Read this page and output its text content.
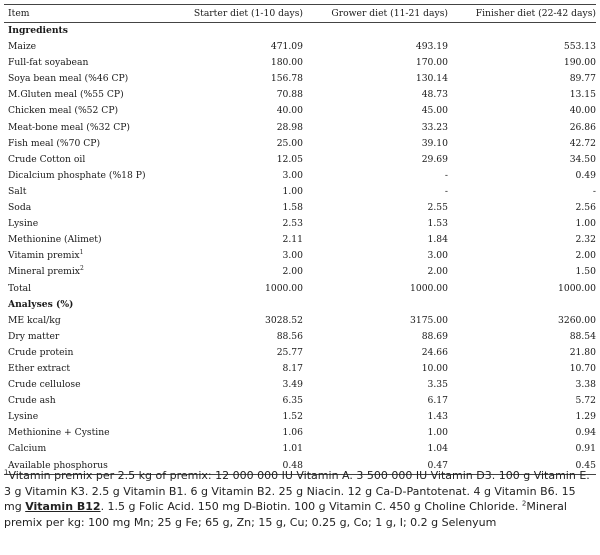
Item	Starter diet (1-10 days)	Grower diet (11-21 days)	Finisher diet (22-42 days)
Ingredients			
Maize	471.09	493.19	553.13
Full-fat soyabean	180.00	170.00	190.00
Soya bean meal (%46 CP)	156.78	130.14	89.77
M.Gluten meal (%55 CP)	70.88	48.73	13.15
Chicken meal (%52 CP)	40.00	45.00	40.00
Meat-bone meal (%32 CP)	28.98	33.23	26.86
Fish meal (%70 CP)	25.00	39.10	42.72
Crude Cotton oil	12.05	29.69	34.50
Dicalcium phosphate (%18 P)	3.00	-	0.49
Salt	1.00	-	-
Soda	1.58	2.55	2.56
Lysine	2.53	1.53	1.00
Methionine (Alimet)	2.11	1.84	2.32
Vitamin premix$^1$	3.00	3.00	2.00
Mineral premix$^2$	2.00	2.00	1.50
Total	1000.00	1000.00	1000.00
Analyses (%)			
ME kcal/kg	3028.52	3175.00	3260.00
Dry matter	88.56	88.69	88.54
Crude protein	25.77	24.66	21.80
Ether extract	8.17	10.00	10.70
Crude cellulose	3.49	3.35	3.38
Crude ash	6.35	6.17	5.72
Lysine	1.52	1.43	1.29
Methionine + Cystine	1.06	1.00	0.94
Calcium	1.01	1.04	0.91
Available phosphorus	0.48	0.47	0.45
$^1$Vitamin premix per 2.5 kg of premix: 12 000 000 IU Vitamin A. 3 500 000 IU Vitamin D3. 100 g Vitamin E. 3 g Vitamin K3. 2.5 g Vitamin B1. 6 g Vitamin B2. 25 g Niacin. 12 g Ca-D-Pantotenat. 4 g Vitamin B6. 15 mg Vitamin B12. 1.5 g Folic Acid. 150 mg D-Biotin. 100 g Vitamin C. 450 g Choline Chloride. $^2$Mineral premix per kg: 100 mg Mn; 25 g Fe; 65 g, Zn; 15 g, Cu; 0.25 g, Co; 1 g, I; 0.2 g Selenyum
